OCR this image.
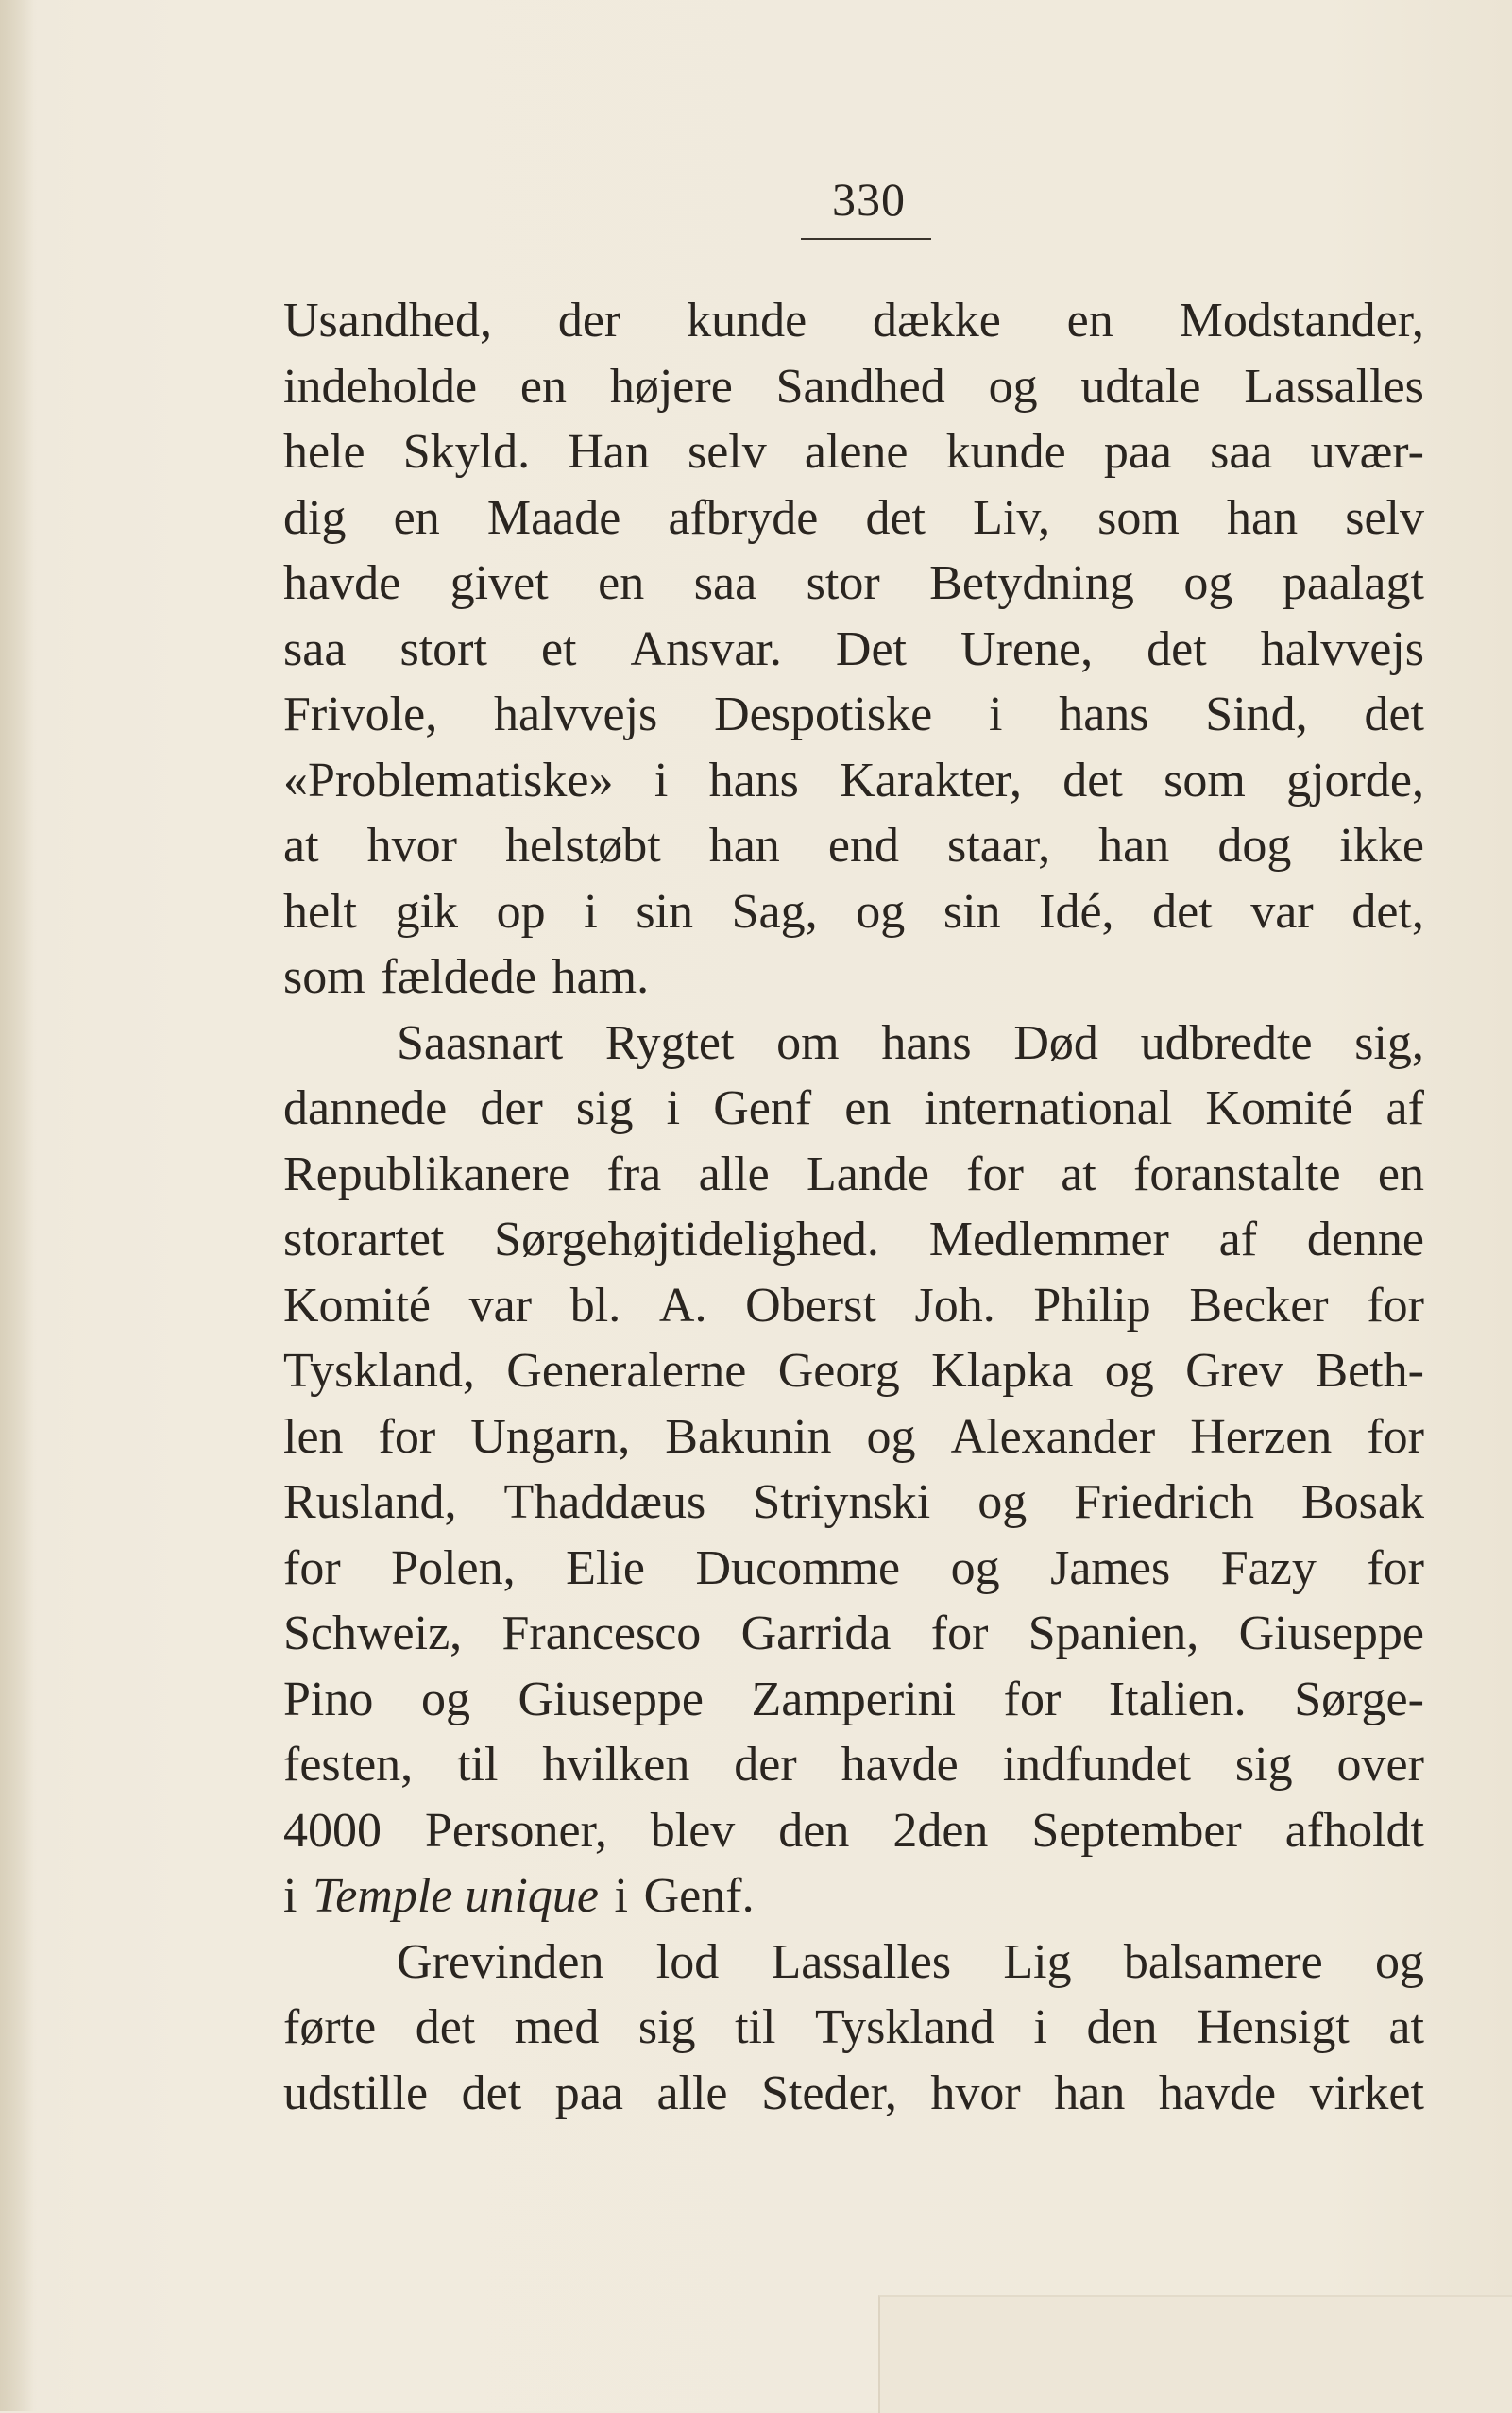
330
Usandhed, der kunde dække en Modstander,
indeholde en højere Sandhed og udtale Lassalles
hele Skyld. Han selv alene kunde paa saa uvær-
dig en Maade afbryde det Liv, som han selv
havde givet en saa stor Betydning og paalagt
saa stort et Ansvar. Det Urene, det halvvejs
Frivole, halvvejs Despotiske i hans Sind, det
«Problematiske» i hans Karakter, det som gjorde,
at hvor helstøbt han end staar, han dog ikke
helt gik op i sin Sag, og sin Idé, det var det,
som fældede ham.
Saasnart Rygtet om hans Død udbredte sig,
dannede der sig i Genf en international Komité af
Republikanere fra alle Lande for at foranstalte en
storartet Sørgehøjtidelighed. Medlemmer af denne
Komité var bl. A. Oberst Joh. Philip Becker for
Tyskland, Generalerne Georg Klapka og Grev Beth-
len for Ungarn, Bakunin og Alexander Herzen for
Rusland, Thaddæus Striynski og Friedrich Bosak
for Polen, Elie Ducomme og James Fazy for
Schweiz, Francesco Garrida for Spanien, Giuseppe
Pino og Giuseppe Zamperini for Italien. Sørge-
festen, til hvilken der havde indfundet sig over
4000 Personer, blev den 2den September afholdt
i Temple unique i Genf.
Grevinden lod Lassalles Lig balsamere og
førte det med sig til Tyskland i den Hensigt at
udstille det paa alle Steder, hvor han havde virket
